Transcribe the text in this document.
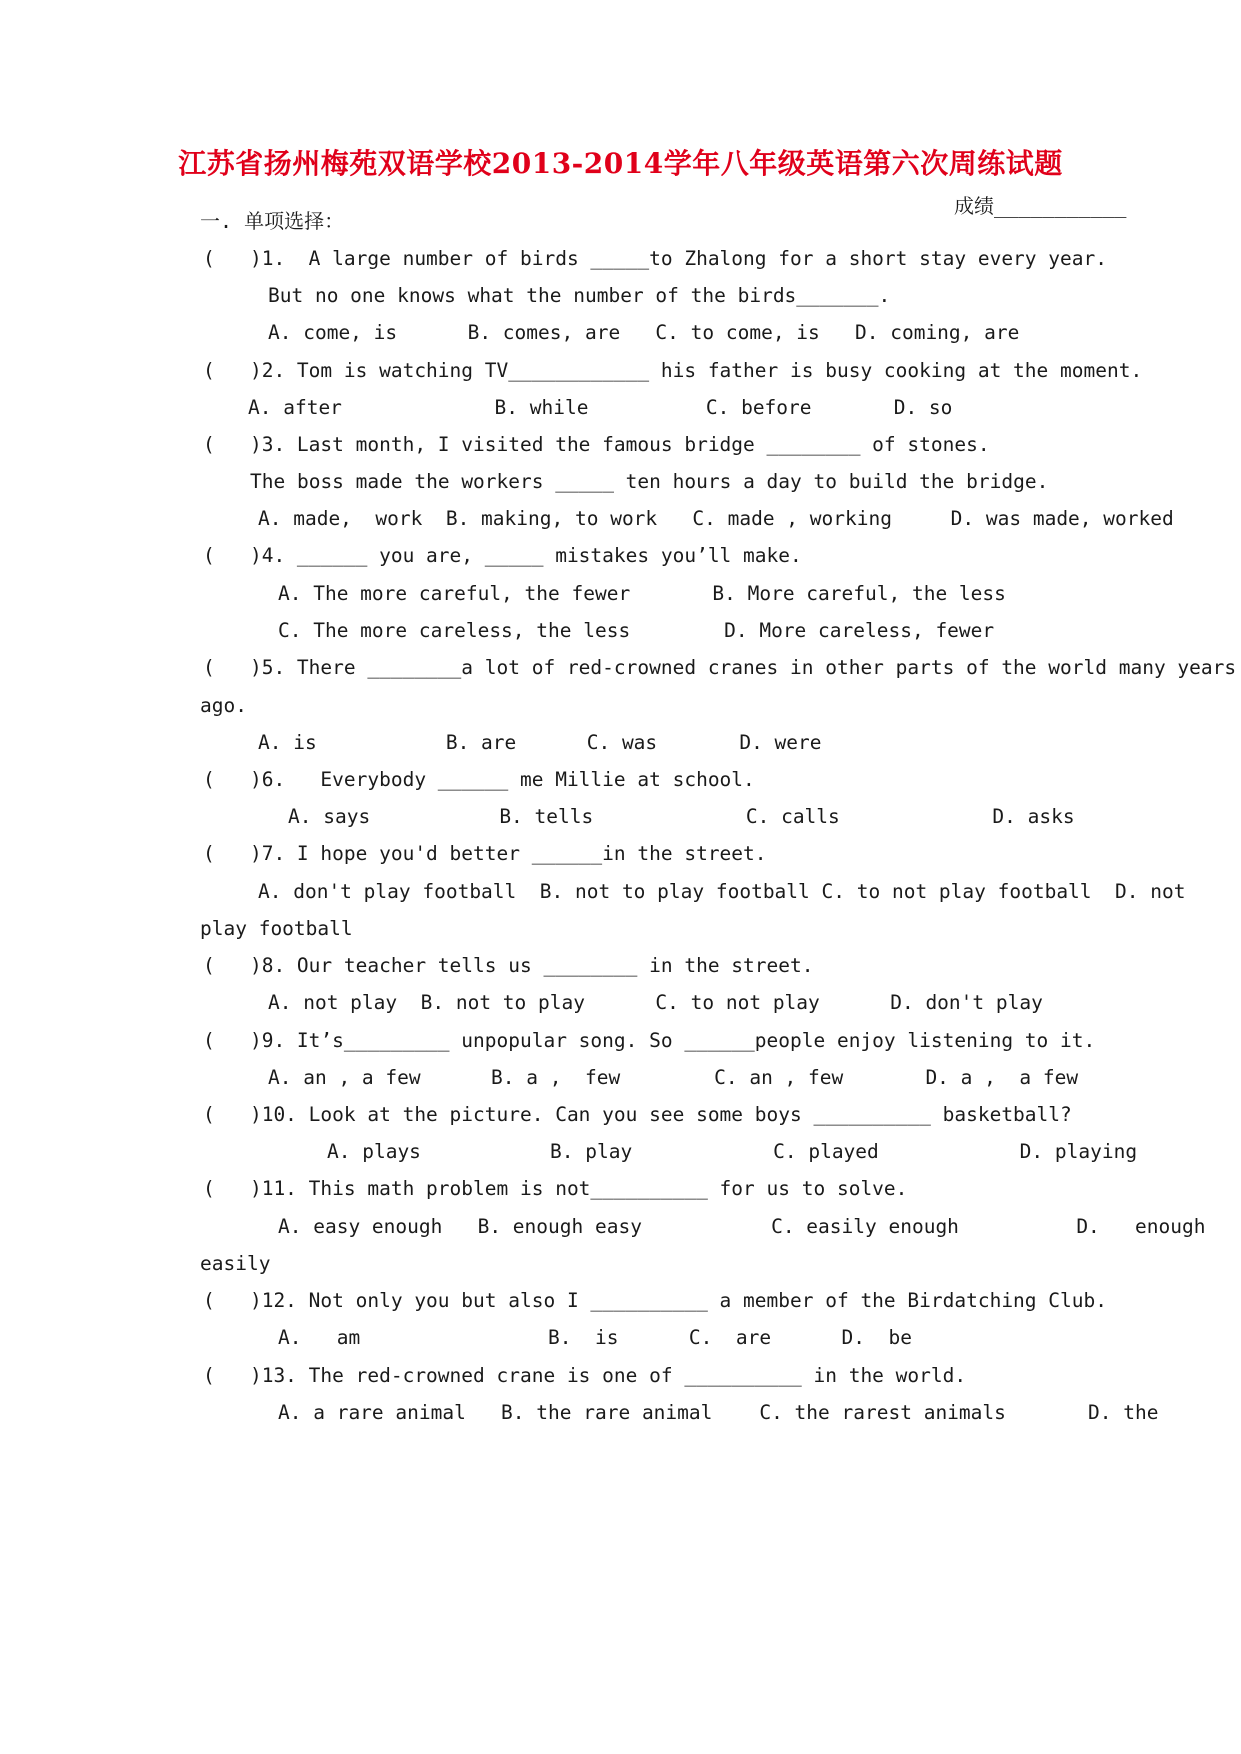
江苏省扬州梅苑双语学校2013-2014学年八年级英语第六次周练试题
成绩___________
一. 单项选择：
(   )1.  A large number of birds _____to Zhalong for a short stay every year.
But no one knows what the number of the birds_______.
A. come, is      B. comes, are   C. to come, is   D. coming, are
(   )2. Tom is watching TV____________ his father is busy cooking at the moment.
A. after             B. while          C. before       D. so
(   )3. Last month, I visited the famous bridge ________ of stones.
The boss made the workers _____ ten hours a day to build the bridge.
A. made,  work  B. making, to work   C. made , working     D. was made, worked
(   )4. ______ you are, _____ mistakes you’ll make.
A. The more careful, the fewer       B. More careful, the less
C. The more careless, the less        D. More careless, fewer
(   )5. There ________a lot of red-crowned cranes in other parts of the world many years
ago.
A. is           B. are      C. was       D. were
(   )6.   Everybody ______ me Millie at school.
A. says           B. tells             C. calls             D. asks
(   )7. I hope you'd better ______in the street.
A. don't play football  B. not to play football C. to not play football  D. not
play football
(   )8. Our teacher tells us ________ in the street.
A. not play  B. not to play      C. to not play      D. don't play
(   )9. It’s_________ unpopular song. So ______people enjoy listening to it.
A. an , a few      B. a ,  few        C. an , few       D. a ,  a few
(   )10. Look at the picture. Can you see some boys __________ basketball?
A. plays           B. play            C. played            D. playing
(   )11. This math problem is not__________ for us to solve.
A. easy enough   B. enough easy           C. easily enough          D.   enough
easily
(   )12. Not only you but also I __________ a member of the Birdatching Club.
A.   am                B.  is      C.  are      D.  be
(   )13. The red-crowned crane is one of __________ in the world.
A. a rare animal   B. the rare animal    C. the rarest animals       D. the
